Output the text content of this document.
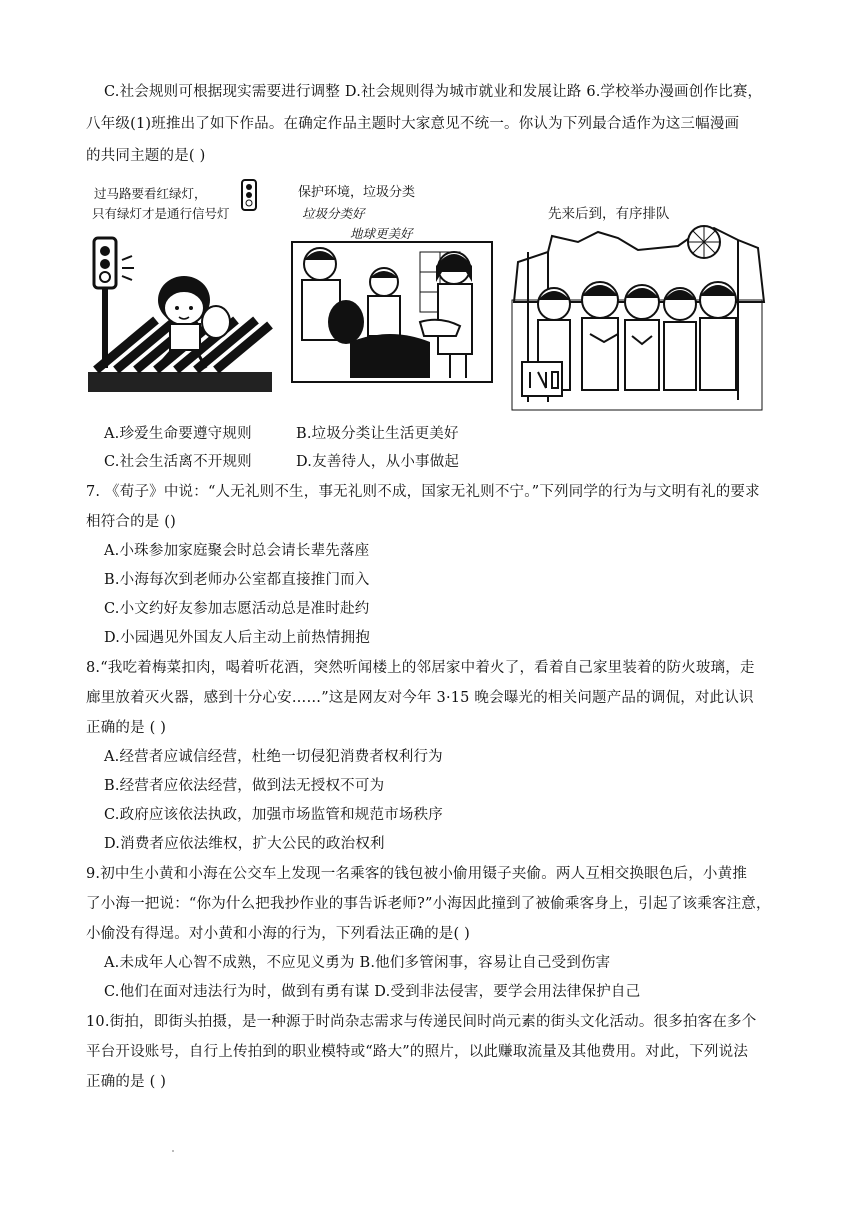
C.社会规则可根据现实需要进行调整 D.社会规则得为城市就业和发展让路 6.学校举办漫画创作比赛，
八年级(1)班推出了如下作品。在确定作品主题时大家意见不统一。你认为下列最合适作为这三幅漫画
的共同主题的是( )
过马路要看红绿灯，
只有绿灯才是通行信号灯
保护环境，垃圾分类
垃圾分类好
地球更美好
先来后到，有序排队
A.珍爱生命要遵守规则	B.垃圾分类让生活更美好
C.社会生活离不开规则	D.友善待人，从小事做起
7. 《荀子》中说：“人无礼则不生，事无礼则不成，国家无礼则不宁。”下列同学的行为与文明有礼的要求
相符合的是 ()
A.小珠参加家庭聚会时总会请长辈先落座
B.小海每次到老师办公室都直接推门而入
C.小文约好友参加志愿活动总是准时赴约
D.小园遇见外国友人后主动上前热情拥抱
8.“我吃着梅菜扣肉，喝着听花酒，突然听闻楼上的邻居家中着火了，看着自己家里装着的防火玻璃，走
廊里放着灭火器，感到十分心安……”这是网友对今年 3·15 晚会曝光的相关问题产品的调侃，对此认识
正确的是 ( )
A.经营者应诚信经营，杜绝一切侵犯消费者权利行为
B.经营者应依法经营，做到法无授权不可为
C.政府应该依法执政，加强市场监管和规范市场秩序
D.消费者应依法维权，扩大公民的政治权利
9.初中生小黄和小海在公交车上发现一名乘客的钱包被小偷用镊子夹偷。两人互相交换眼色后，小黄推
了小海一把说：“你为什么把我抄作业的事告诉老师?”小海因此撞到了被偷乘客身上，引起了该乘客注意，
小偷没有得逞。对小黄和小海的行为，下列看法正确的是( )
A.未成年人心智不成熟，不应见义勇为 B.他们多管闲事，容易让自己受到伤害
C.他们在面对违法行为时，做到有勇有谋 D.受到非法侵害，要学会用法律保护自己
10.街拍，即街头拍摄，是一种源于时尚杂志需求与传递民间时尚元素的街头文化活动。很多拍客在多个
平台开设账号，自行上传拍到的职业模特或“路大”的照片，以此赚取流量及其他费用。对此，下列说法
正确的是 ( )
